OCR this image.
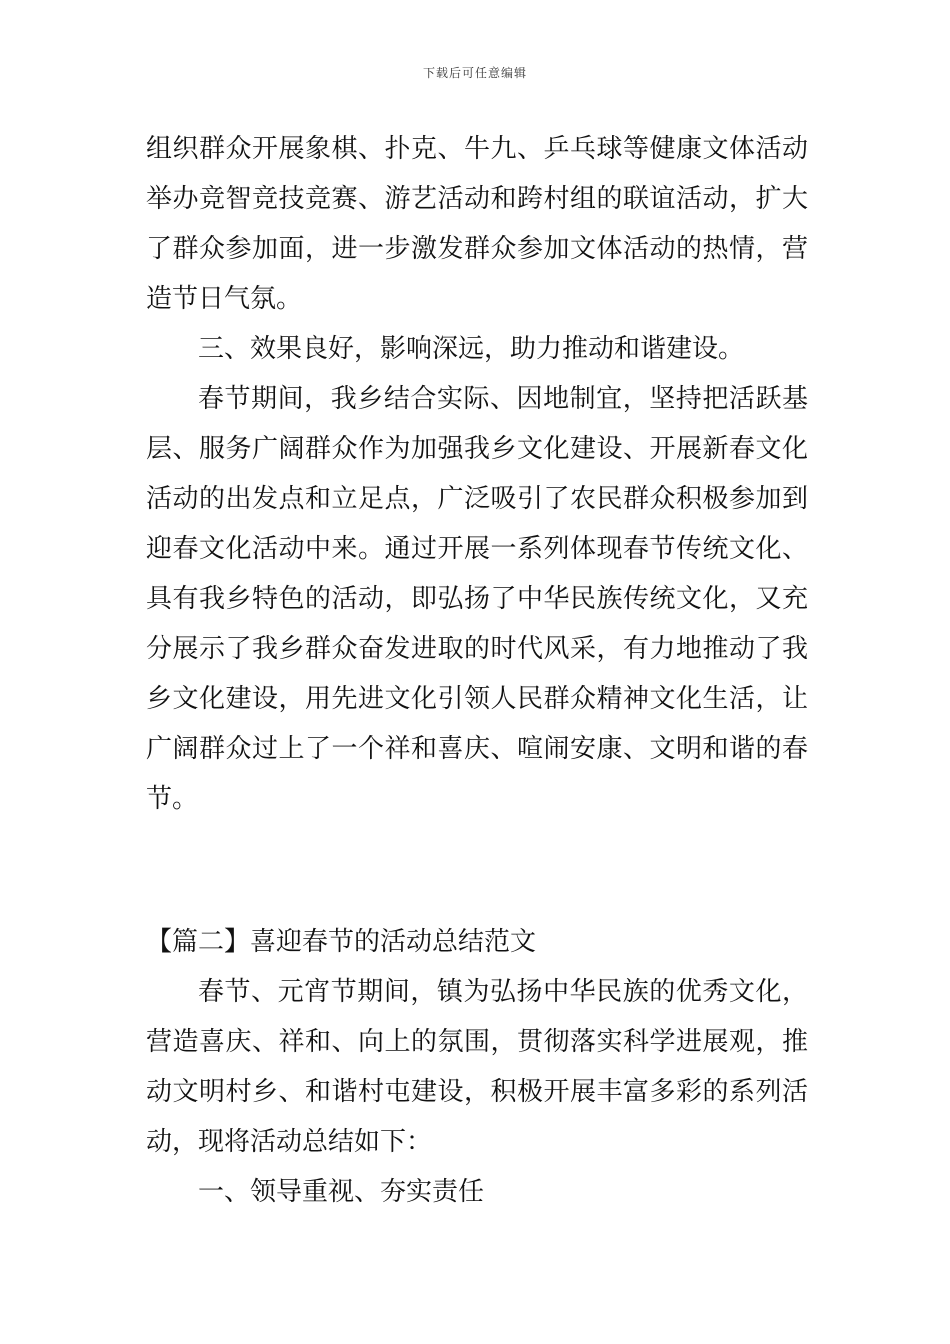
下载后可任意编辑
组织群众开展象棋、扑克、牛九、乒乓球等健康文体活动
举办竞智竞技竞赛、游艺活动和跨村组的联谊活动，扩大
了群众参加面，进一步激发群众参加文体活动的热情，营
造节日气氛。
三、效果良好，影响深远，助力推动和谐建设。
春节期间，我乡结合实际、因地制宜，坚持把活跃基
层、服务广阔群众作为加强我乡文化建设、开展新春文化
活动的出发点和立足点，广泛吸引了农民群众积极参加到
迎春文化活动中来。通过开展一系列体现春节传统文化、
具有我乡特色的活动，即弘扬了中华民族传统文化，又充
分展示了我乡群众奋发进取的时代风采，有力地推动了我
乡文化建设，用先进文化引领人民群众精神文化生活，让
广阔群众过上了一个祥和喜庆、喧闹安康、文明和谐的春
节。
【篇二】喜迎春节的活动总结范文
春节、元宵节期间，镇为弘扬中华民族的优秀文化，
营造喜庆、祥和、向上的氛围，贯彻落实科学进展观，推
动文明村乡、和谐村屯建设，积极开展丰富多彩的系列活
动，现将活动总结如下：
一、领导重视、夯实责任
